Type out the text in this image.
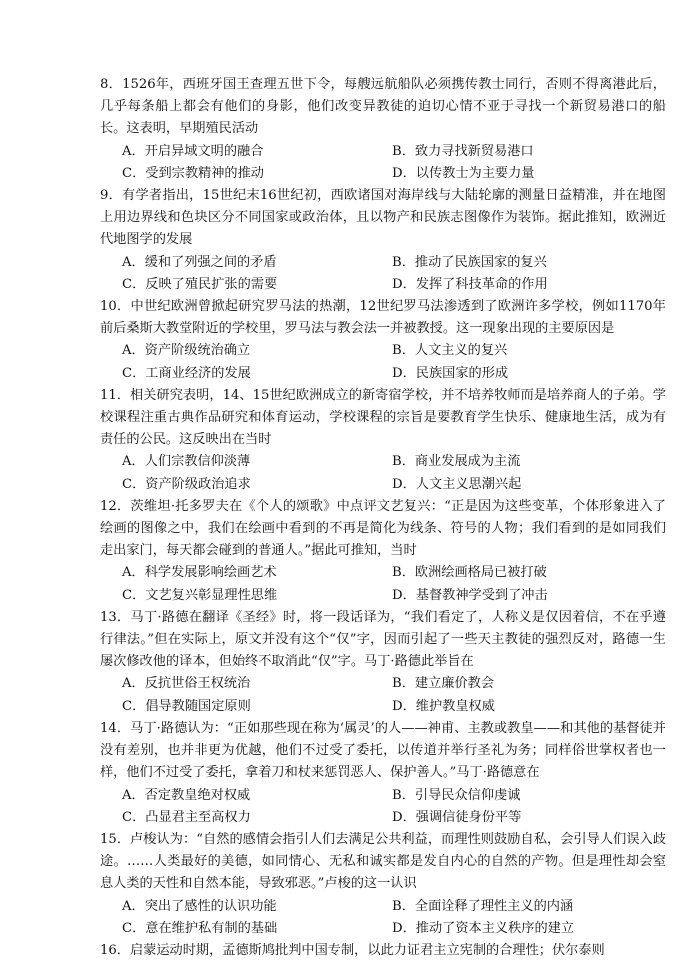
8．1526年，西班牙国王查理五世下令，每艘远航船队必须携传教士同行，否则不得离港此后，几乎每条船上都会有他们的身影，他们改变异教徒的迫切心情不亚于寻找一个新贸易港口的船长。这表明，早期殖民活动

A．开启异域文明的融合	B．致力寻找新贸易港口
C．受到宗教精神的推动	D．以传教士为主要力量

9．有学者指出，15世纪末16世纪初，西欧诸国对海岸线与大陆轮廓的测量日益精准，并在地图上用边界线和色块区分不同国家或政治体，且以物产和民族志图像作为装饰。据此推知，欧洲近代地图学的发展

A．缓和了列强之间的矛盾	B．推动了民族国家的复兴
C．反映了殖民扩张的需要	D．发挥了科技革命的作用

10．中世纪欧洲曾掀起研究罗马法的热潮，12世纪罗马法渗透到了欧洲许多学校，例如1170年前后桑斯大教堂附近的学校里，罗马法与教会法一并被教授。这一现象出现的主要原因是

A．资产阶级统治确立	B．人文主义的复兴
C．工商业经济的发展	D．民族国家的形成

11．相关研究表明，14、15世纪欧洲成立的新寄宿学校，并不培养牧师而是培养商人的子弟。学校课程注重古典作品研究和体育运动，学校课程的宗旨是要教育学生快乐、健康地生活，成为有责任的公民。这反映出在当时

A．人们宗教信仰淡薄	B．商业发展成为主流
C．资产阶级政治追求	D．人文主义思潮兴起

12．茨维坦·托多罗夫在《个人的颂歌》中点评文艺复兴：“正是因为这些变革，个体形象进入了绘画的图像之中，我们在绘画中看到的不再是简化为线条、符号的人物；我们看到的是如同我们走出家门，每天都会碰到的普通人。”据此可推知，当时

A．科学发展影响绘画艺术	B．欧洲绘画格局已被打破
C．文艺复兴彰显理性思维	D．基督教神学受到了冲击

13．马丁·路德在翻译《圣经》时，将一段话译为，“我们看定了，人称义是仅因着信，不在乎遵行律法。”但在实际上，原文并没有这个“仅”字，因而引起了一些天主教徒的强烈反对，路德一生屡次修改他的译本，但始终不取消此“仅”字。马丁·路德此举旨在

A．反抗世俗王权统治	B．建立廉价教会
C．倡导教随国定原则	D．维护教皇权威

14．马丁·路德认为：“正如那些现在称为‘属灵’的人——神甫、主教或教皇——和其他的基督徒并没有差别，也并非更为优越，他们不过受了委托，以传道并举行圣礼为务；同样俗世掌权者也一样，他们不过受了委托，拿着刀和杖来惩罚恶人、保护善人。”马丁·路德意在

A．否定教皇绝对权威	B．引导民众信仰虔诚
C．凸显君主至高权力	D．强调信徒身份平等

15．卢梭认为：“自然的感情会指引人们去满足公共利益，而理性则鼓励自私，会引导人们误入歧途。……人类最好的美德，如同情心、无私和诚实都是发自内心的自然的产物。但是理性却会窒息人类的天性和自然本能，导致邪恶。”卢梭的这一认识

A．突出了感性的认识功能	B．全面诠释了理性主义的内涵
C．意在维护私有制的基础	D．推动了资本主义秩序的建立

16．启蒙运动时期，孟德斯鸠批判中国专制，以此力证君主立宪制的合理性；伏尔泰则
